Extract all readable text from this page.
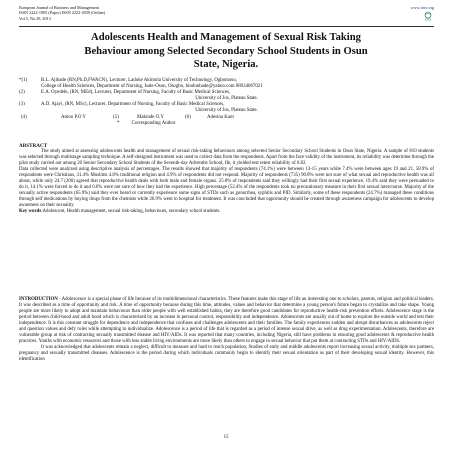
European Journal of Business and Management
ISSN 2222-1905 (Paper) ISSN 2222-2839 (Online)
Vol.5, No.29, 2013
www.iiste.org
IISTE
Adolescents Health and Management of Sexual Risk Taking
Behaviour among Selected Secondary School Students in Osun
State, Nigeria.
*(1)	B.L. Ajibade (RN,Ph.D,FWACN), Lecturer, Ladoke Akintola University of Technology, Ogbomoso,
College of Health Sciences, Department of Nursing, Isale-Osun, Osogbo, biodunbade@yahoo.com 08034067021
(2)	E.A. Oyedele, (RN, MEd), Lecturer, Department of Nursing, Faculty of Basic Medical Sciences,
University of Jos, Plateau State.
(3)	A.D. Ajayi, (RN, MSc), Lecturer, Department of Nursing, Faculty of Basic Medical Sciences,
University of Jos, Plateau State.
(4)	Amoo P.O Y	(5)	Makinde O.Y	(6)	Adesina Kam
*          Corresponding Author
ABSTRACT

The study aimed at assessing adolescents health and management of sexual risk-taking behaviours among selected Senior Secondary School Students in Osun State, Nigeria. A sample of 810 students was selected through multistage sampling technique. A self-designed instrument was used to collect data from the respondents. Apart from the face validity of the instrument, its reliability was determine through the pilot study carried out among 20 Senior Secondary School Students of the Seventh-day Adventist School, Ife, it yielded test retest reliability of 0.82.

Data collected were analyzed using descriptive analysis of percentages. The results showed that majority of respondents (74.1%) were between 13-15 years while 7.4% were between ages 19 and 21. 58.9% of respondents were Christians, 31.4% Muslims 4.8% traditional religion and 4.9% of respondents did not respond. Majority of respondents (735) 90.8% were not sure of what sexual and reproductive health was all about, while only 24.7 (200) agreed that reproductive health deals with both male and female organs. 25.8% of respondents said they willingly had their first sexual experience, 19.4% said they were persuaded to do it, 14.1% were forced to do it and 0.6% were not sure of how they had the experience. High percentage (52.4% of the respondents took no precautionary measure in their first sexual intercourse. Majority of the sexually active respondents (65.9%) said they ever heard or currently experience some signs of STDs such as gonorrhea, syphilis and PID. Similarly, some of these respondents (24.7%) managed these conditions through self medications by buying drugs from the chemists while 26.9% went to hospital for treatment. It was concluded that opportunity should be created through awareness campaign for adolescents to develop awareness on their sexuality

Key words:Adolescent, Health management, sexual risk-taking, behaviours, secondary school students.

INTRODUCTION - Adolescence is a special phase of life because of its multidimensional characteristics. These features make this stage of life an interesting one to scholars, parents, religion and political leaders. It was described as a time of opportunity and risk. A time of opportunity because during this time, attitudes, values and behavior that determine a young person's future began to crystallize and take shape. Young people are more likely to adopt and maintain behaviours than older people with well established habits, they are therefore good candidates for reproductive health-risk prevention efforts. Adolescence stage is the period between child-hood and adult hood which is characterized by an increase in personal control, responsibility and independence. Adolescents are usually out of home to explore the outside world and test their independence. It is this constant struggle for dependence and independence that confuses and challenges adolescents and their families. The family experiences sudden and abrupt disturbances as adolescents reject and question values and defy rules while attempting to individualize. Adolescence is a period of life that is regarded as a period of intense sexual drive, as well as drug experimentation. Adolescents, therefore are vulnerable group at risk of contracting sexually transmitted disease and HIV/AIDs. It was reported that many countries, including Nigeria, still have problems in ensuring good adolescents & reproductive health practices. Youths with economic resources and those with less stable living environments are more likely than others to engage in sexual behavior that put them at contracting STDs and HIV/AIDS.

It was acknowledged that adolescents remain a neglect, difficult to measure and hard to reach population, Studies of early and middle adolescents report increasing sexual activity, multiple sex partners, pregnancy and sexually transmitted diseases. Adolescence is the period during which individuals commonly begin to identify their sexual orientation as part of their developing sexual identity. However, this identification

15
